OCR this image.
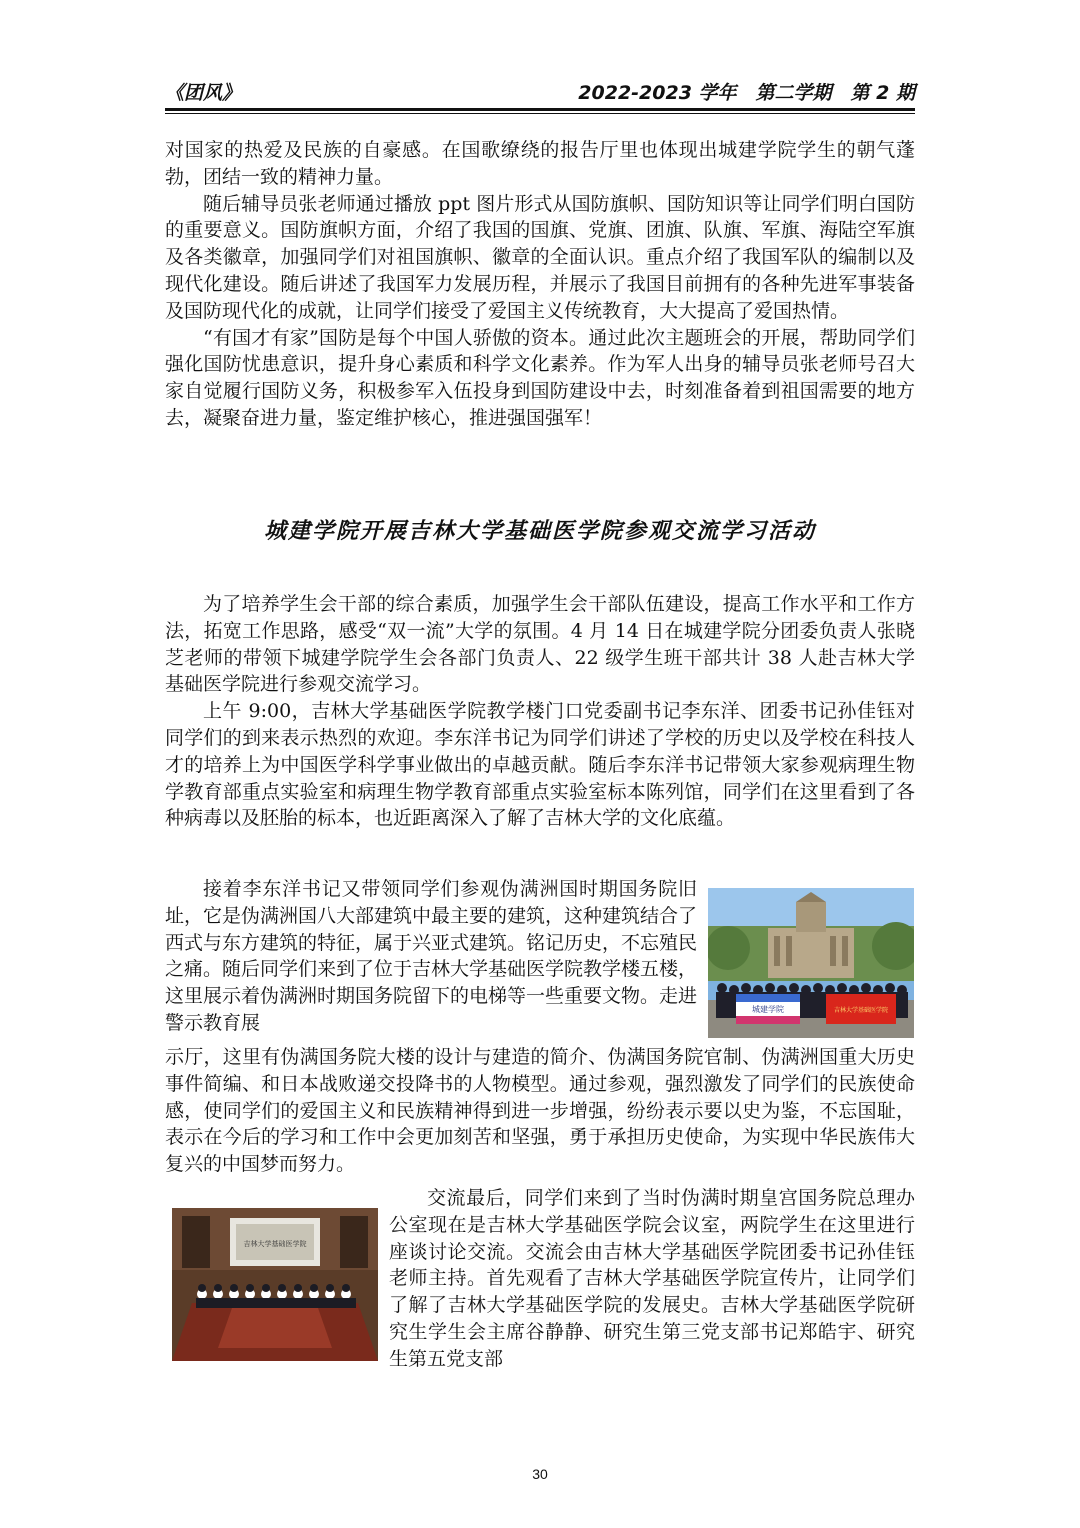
《团风》	2022-2023 学年　第二学期　第 2 期

对国家的热爱及民族的自豪感。在国歌缭绕的报告厅里也体现出城建学院学生的朝气蓬勃，团结一致的精神力量。

随后辅导员张老师通过播放 ppt 图片形式从国防旗帜、国防知识等让同学们明白国防的重要意义。国防旗帜方面，介绍了我国的国旗、党旗、团旗、队旗、军旗、海陆空军旗及各类徽章，加强同学们对祖国旗帜、徽章的全面认识。重点介绍了我国军队的编制以及现代化建设。随后讲述了我国军力发展历程，并展示了我国目前拥有的各种先进军事装备及国防现代化的成就，让同学们接受了爱国主义传统教育，大大提高了爱国热情。

“有国才有家”国防是每个中国人骄傲的资本。通过此次主题班会的开展，帮助同学们强化国防忧患意识，提升身心素质和科学文化素养。作为军人出身的辅导员张老师号召大家自觉履行国防义务，积极参军入伍投身到国防建设中去，时刻准备着到祖国需要的地方去，凝聚奋进力量，鉴定维护核心，推进强国强军！

城建学院开展吉林大学基础医学院参观交流学习活动

为了培养学生会干部的综合素质，加强学生会干部队伍建设，提高工作水平和工作方法，拓宽工作思路，感受“双一流”大学的氛围。4 月 14 日在城建学院分团委负责人张晓芝老师的带领下城建学院学生会各部门负责人、22 级学生班干部共计 38 人赴吉林大学基础医学院进行参观交流学习。

上午 9:00，吉林大学基础医学院教学楼门口党委副书记李东洋、团委书记孙佳钰对同学们的到来表示热烈的欢迎。李东洋书记为同学们讲述了学校的历史以及学校在科技人才的培养上为中国医学科学事业做出的卓越贡献。随后李东洋书记带领大家参观病理生物学教育部重点实验室和病理生物学教育部重点实验室标本陈列馆，同学们在这里看到了各种病毒以及胚胎的标本，也近距离深入了解了吉林大学的文化底蕴。

接着李东洋书记又带领同学们参观伪满洲国时期国务院旧址，它是伪满洲国八大部建筑中最主要的建筑，这种建筑结合了西式与东方建筑的特征，属于兴亚式建筑。铭记历史，不忘殖民之痛。随后同学们来到了位于吉林大学基础医学院教学楼五楼，这里展示着伪满洲时期国务院留下的电梯等一些重要文物。走进警示教育展

城建学院	吉林大学基础医学院

示厅，这里有伪满国务院大楼的设计与建造的简介、伪满国务院官制、伪满洲国重大历史事件简编、和日本战败递交投降书的人物模型。通过参观，强烈激发了同学们的民族使命感，使同学们的爱国主义和民族精神得到进一步增强，纷纷表示要以史为鉴，不忘国耻，表示在今后的学习和工作中会更加刻苦和坚强，勇于承担历史使命，为实现中华民族伟大复兴的中国梦而努力。

吉林大学基础医学院

交流最后，同学们来到了当时伪满时期皇宫国务院总理办公室现在是吉林大学基础医学院会议室，两院学生在这里进行座谈讨论交流。交流会由吉林大学基础医学院团委书记孙佳钰老师主持。首先观看了吉林大学基础医学院宣传片，让同学们了解了吉林大学基础医学院的发展史。吉林大学基础医学院研究生学生会主席谷静静、研究生第三党支部书记郑皓宇、研究生第五党支部

30
